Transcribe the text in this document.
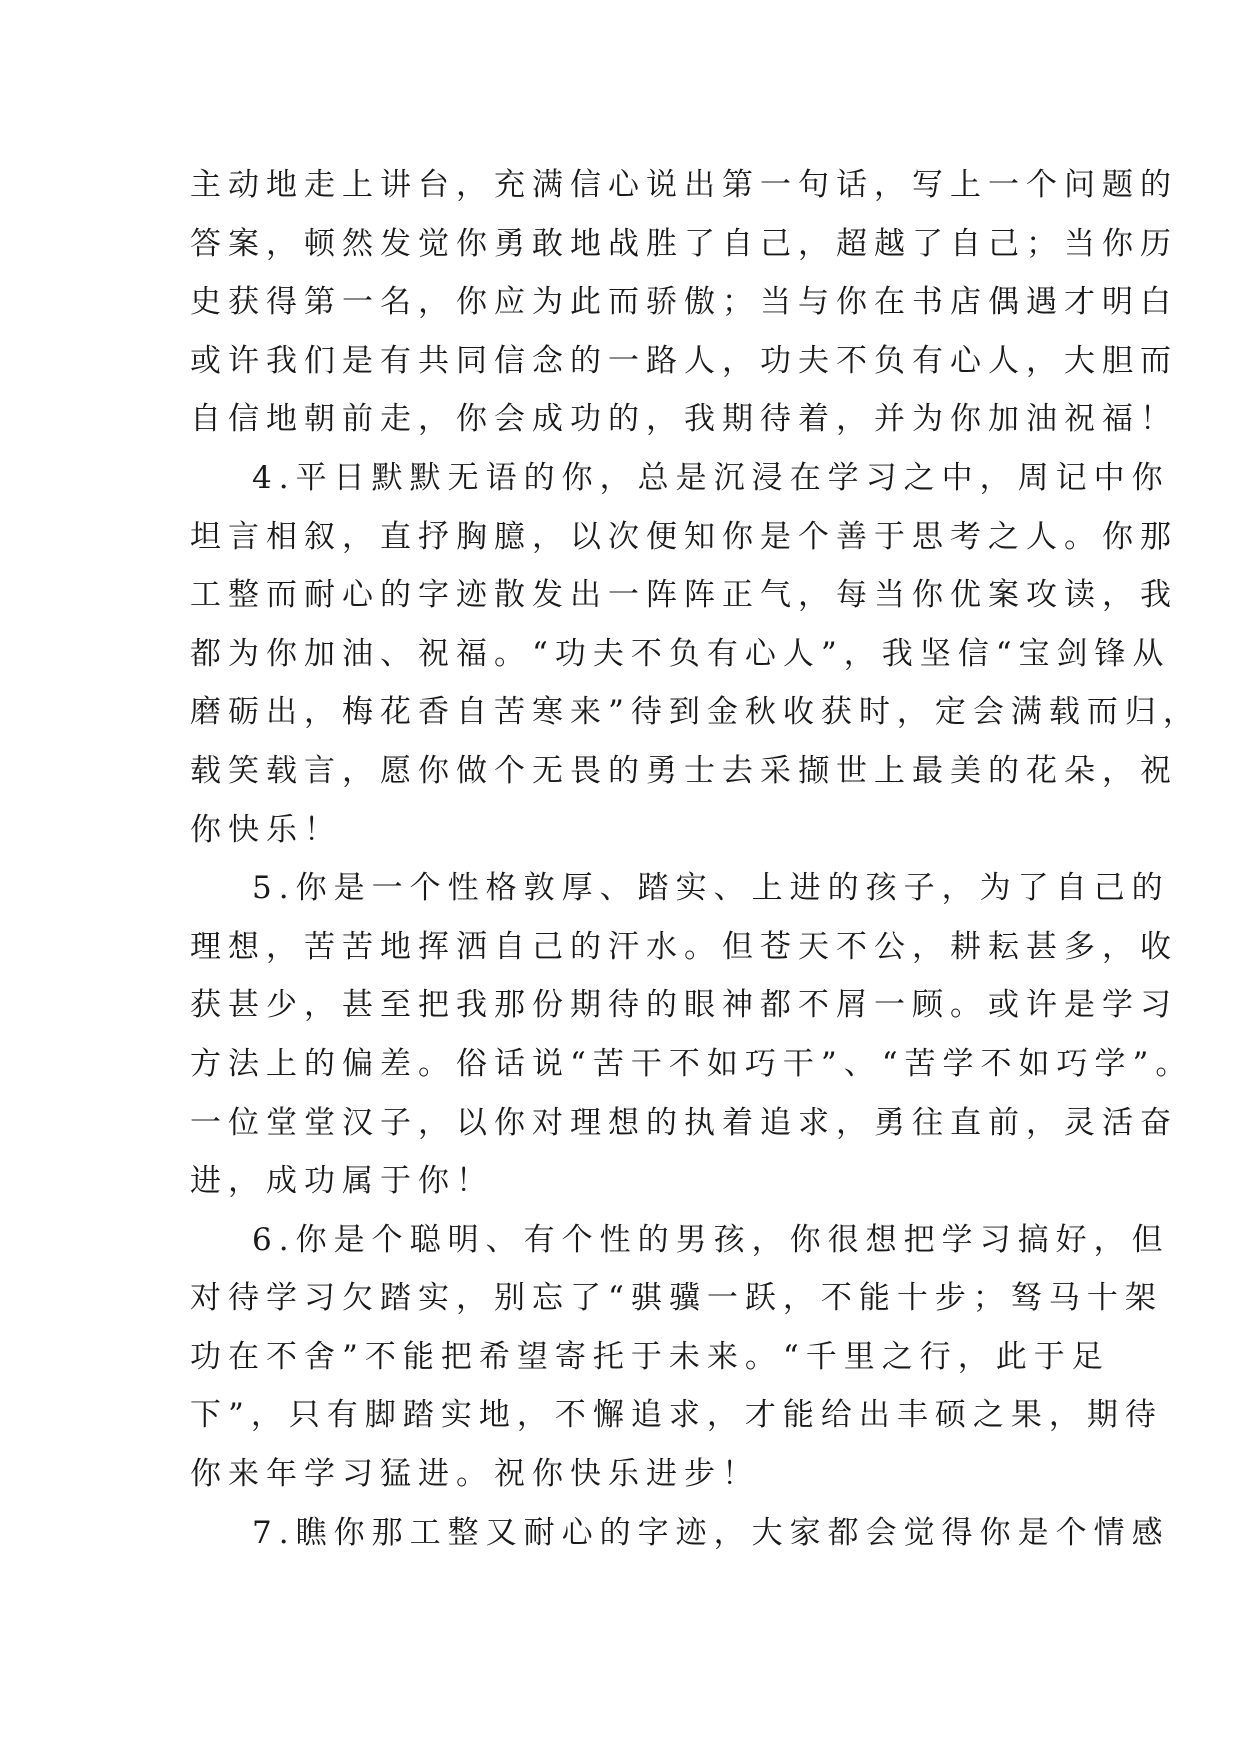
主动地走上讲台，充满信心说出第一句话，写上一个问题的
答案，顿然发觉你勇敢地战胜了自己，超越了自己；当你历
史获得第一名，你应为此而骄傲；当与你在书店偶遇才明白
或许我们是有共同信念的一路人，功夫不负有心人，大胆而
自信地朝前走，你会成功的，我期待着，并为你加油祝福！
4.平日默默无语的你，总是沉浸在学习之中，周记中你
坦言相叙，直抒胸臆，以次便知你是个善于思考之人。你那
工整而耐心的字迹散发出一阵阵正气，每当你优案攻读，我
都为你加油、祝福。“功夫不负有心人”，我坚信“宝剑锋从
磨砺出，梅花香自苦寒来”待到金秋收获时，定会满载而归，
载笑载言，愿你做个无畏的勇士去采撷世上最美的花朵，祝
你快乐！
5.你是一个性格敦厚、踏实、上进的孩子，为了自己的
理想，苦苦地挥洒自己的汗水。但苍天不公，耕耘甚多，收
获甚少，甚至把我那份期待的眼神都不屑一顾。或许是学习
方法上的偏差。俗话说“苦干不如巧干”、“苦学不如巧学”。
一位堂堂汉子，以你对理想的执着追求，勇往直前，灵活奋
进，成功属于你！
6.你是个聪明、有个性的男孩，你很想把学习搞好，但
对待学习欠踏实，别忘了“骐骥一跃，不能十步；驽马十架
功在不舍”不能把希望寄托于未来。“千里之行，此于足
下”，只有脚踏实地，不懈追求，才能给出丰硕之果，期待
你来年学习猛进。祝你快乐进步！
7.瞧你那工整又耐心的字迹，大家都会觉得你是个情感
